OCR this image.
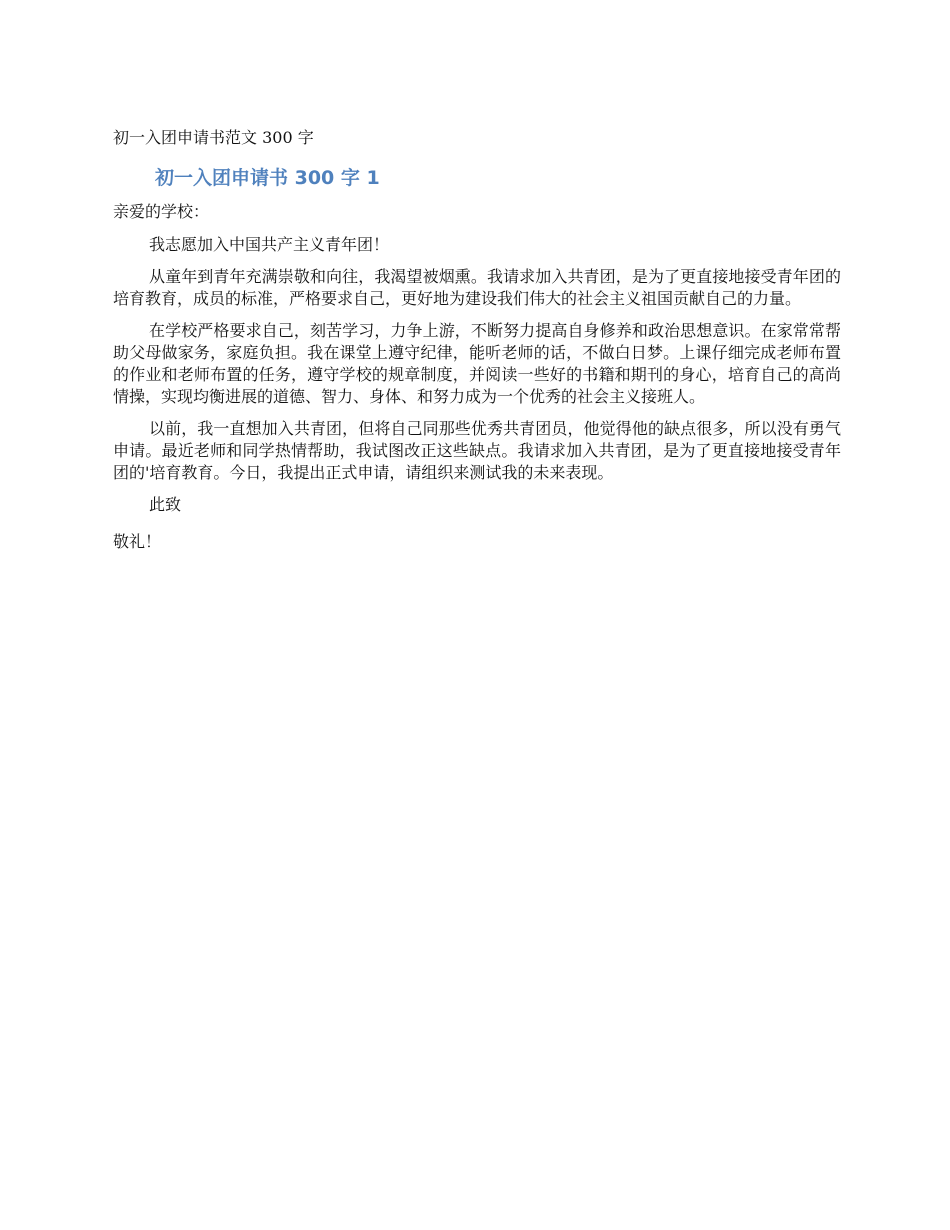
初一入团申请书范文 300 字

初一入团申请书 300 字 1

亲爱的学校：

我志愿加入中国共产主义青年团！

从童年到青年充满崇敬和向往，我渴望被烟熏。我请求加入共青团，是为了更直接地接受青年团的培育教育，成员的标准，严格要求自己，更好地为建设我们伟大的社会主义祖国贡献自己的力量。

在学校严格要求自己，刻苦学习，力争上游，不断努力提高自身修养和政治思想意识。在家常常帮助父母做家务，家庭负担。我在课堂上遵守纪律，能听老师的话，不做白日梦。上课仔细完成老师布置的作业和老师布置的任务，遵守学校的规章制度，并阅读一些好的书籍和期刊的身心，培育自己的高尚情操，实现均衡进展的道德、智力、身体、和努力成为一个优秀的社会主义接班人。

以前，我一直想加入共青团，但将自己同那些优秀共青团员，他觉得他的缺点很多，所以没有勇气申请。最近老师和同学热情帮助，我试图改正这些缺点。我请求加入共青团，是为了更直接地接受青年团的'培育教育。今日，我提出正式申请，请组织来测试我的未来表现。

此致

敬礼！
